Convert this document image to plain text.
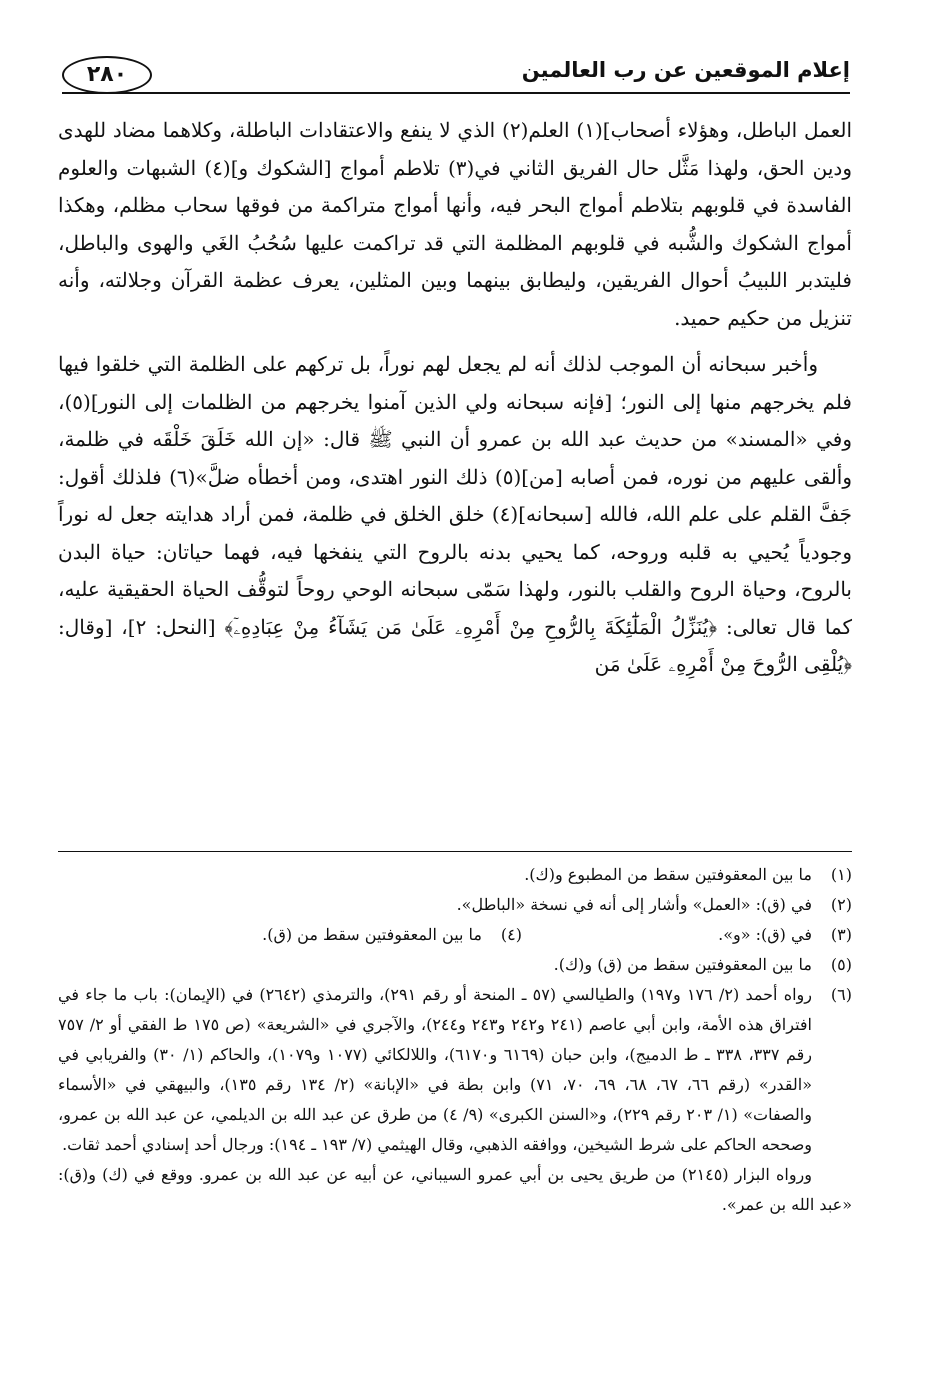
٢٨٠	إعلام الموقعين عن رب العالمين

العمل الباطل، وهؤلاء أصحاب](١) العلم(٢) الذي لا ينفع والاعتقادات الباطلة، وكلاهما مضاد للهدى ودين الحق، ولهذا مَثَّل حال الفريق الثاني في(٣) تلاطم أمواج [الشكوك و](٤) الشبهات والعلوم الفاسدة في قلوبهم بتلاطم أمواج البحر فيه، وأنها أمواج متراكمة من فوقها سحاب مظلم، وهكذا أمواج الشكوك والشُّبه في قلوبهم المظلمة التي قد تراكمت عليها سُحُبُ الغَي والهوى والباطل، فليتدبر اللبيبُ أحوال الفريقين، وليطابق بينهما وبين المثلين، يعرف عظمة القرآن وجلالته، وأنه تنزيل من حكيم حميد.

وأخبر سبحانه أن الموجب لذلك أنه لم يجعل لهم نوراً، بل تركهم على الظلمة التي خلقوا فيها فلم يخرجهم منها إلى النور؛ [فإنه سبحانه ولي الذين آمنوا يخرجهم من الظلمات إلى النور](٥)، وفي «المسند» من حديث عبد الله بن عمرو أن النبي ﷺ قال: «إن الله خَلَقَ خَلْقَه في ظلمة، وألقى عليهم من نوره، فمن أصابه [من](٥) ذلك النور اهتدى، ومن أخطأه ضلَّ»(٦) فلذلك أقول: جَفَّ القلم على علم الله، فالله [سبحانه](٤) خلق الخلق في ظلمة، فمن أراد هدايته جعل له نوراً وجودياً يُحيي به قلبه وروحه، كما يحيي بدنه بالروح التي ينفخها فيه، فهما حياتان: حياة البدن بالروح، وحياة الروح والقلب بالنور، ولهذا سَمّى سبحانه الوحي روحاً لتوقُّف الحياة الحقيقية عليه، كما قال تعالى: ﴿يُنَزِّلُ الْمَلَٰٓئِكَةَ بِالرُّوحِ مِنْ أَمْرِهِۦ عَلَىٰ مَن يَشَآءُ مِنْ عِبَادِهِۦٓ﴾ [النحل: ٢]، [وقال: ﴿يُلْقِى الرُّوحَ مِنْ أَمْرِهِۦ عَلَىٰ مَن

(١)
ما بين المعقوفتين سقط من المطبوع و(ك).
(٢)
في (ق): «العمل» وأشار إلى أنه في نسخة «الباطل».
(٣)
في (ق): «و».
(٤)
ما بين المعقوفتين سقط من (ق).
(٥)
ما بين المعقوفتين سقط من (ق) و(ك).
(٦)
رواه أحمد (٢/ ١٧٦ و١٩٧) والطيالسي (٥٧ ـ المنحة أو رقم ٢٩١)، والترمذي (٢٦٤٢) في (الإيمان): باب ما جاء في افتراق هذه الأمة، وابن أبي عاصم (٢٤١ و٢٤٢ و٢٤٣ و٢٤٤)، والآجري في «الشريعة» (ص ١٧٥ ط الفقي أو ٢/ ٧٥٧ رقم ٣٣٧، ٣٣٨ ـ ط الدميج)، وابن حبان (٦١٦٩ و٦١٧٠)، واللالكائي (١٠٧٧ و١٠٧٩)، والحاكم (١/ ٣٠) والفريابي في «القدر» (رقم ٦٦، ٦٧، ٦٨، ٦٩، ٧٠، ٧١) وابن بطة في «الإبانة» (٢/ ١٣٤ رقم ١٣٥)، والبيهقي في «الأسماء والصفات» (١/ ٢٠٣ رقم ٢٢٩)، و«السنن الكبرى» (٩/ ٤) من طرق عن عبد الله بن الديلمي، عن عبد الله بن عمرو، وصححه الحاكم على شرط الشيخين، ووافقه الذهبي، وقال الهيثمي (٧/ ١٩٣ ـ ١٩٤): ورجال أحد إسنادي أحمد ثقات.
ورواه البزار (٢١٤٥) من طريق يحيى بن أبي عمرو السيباني، عن أبيه عن عبد الله بن عمرو. ووقع في (ك) و(ق): «عبد الله بن عمر».
